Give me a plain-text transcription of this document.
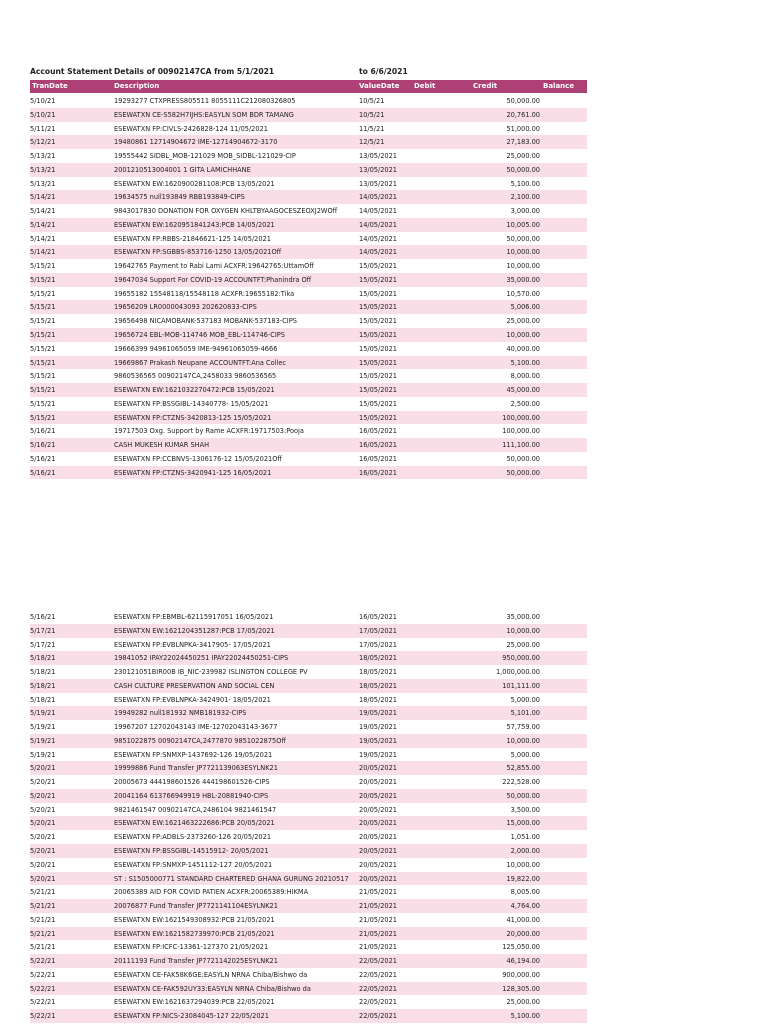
Account Statement Details of 00902147CA from 5/1/2021	to 6/6/2021
TranDate	Description	ValueDate Debit	Credit	Balance
5/10/21	19293277 CTXPRESS805511 8055111C212080326805	10/5/21	50,000.00
5/10/21	ESEWATXN CE-S582H7IJHS:EASYLN SOM BDR TAMANG	10/5/21	20,761.00
5/11/21	ESEWATXN FP:CIVLS-2426828-124 11/05/2021	11/5/21	51,000.00
5/12/21	19480861 12714904672 IME-12714904672-3170	12/5/21	27,183.00
5/13/21	19555442 SIDBL_MOB-121029 MOB_SIDBL-121029-CIP	13/05/2021	25,000.00
5/13/21	2001210513004001 1 GITA LAMICHHANE	13/05/2021	50,000.00
5/13/21	ESEWATXN EW:1620900281108:PCB 13/05/2021	13/05/2021	5,100.00
5/14/21	19634575 null193849 RBB193849-CIPS	14/05/2021	2,100.00
5/14/21	9843017830 DONATION FOR OXYGEN KHLTBYAAGOCESZEOXJ2WOff	14/05/2021	3,000.00
5/14/21	ESEWATXN EW:1620951841243:PCB 14/05/2021	14/05/2021	10,005.00
5/14/21	ESEWATXN FP:RBBS-21846621-125 14/05/2021	14/05/2021	50,000.00
5/14/21	ESEWATXN FP:SGBBS-853716-1250 13/05/2021Off	14/05/2021	10,000.00
5/15/21	19642765 Payment to Rabi Lami ACXFR:19642765:UttamOff	15/05/2021	10,000.00
5/15/21	19647034 Support For COVID-19 ACCOUNTFT:Phanindra Off	15/05/2021	35,000.00
5/15/21	19655182 15548118/15548118 ACXFR:19655182:Tika	15/05/2021	10,570.00
5/15/21	19656209 LR0000043093 202620833-CIPS	15/05/2021	5,006.00
5/15/21	19656498 NICAMOBANK-537183 MOBANK-537183-CIPS	15/05/2021	25,000.00
5/15/21	19656724 EBL-MOB-114746 MOB_EBL-114746-CIPS	15/05/2021	10,000.00
5/15/21	19666399 94961065059 IME-94961065059-4666	15/05/2021	40,000.00
5/15/21	19669867 Prakash Neupane ACCOUNTFT:Ana Collec	15/05/2021	5,100.00
5/15/21	9860536565 00902147CA,2458033 9860536565	15/05/2021	8,000.00
5/15/21	ESEWATXN EW:1621032270472:PCB 15/05/2021	15/05/2021	45,000.00
5/15/21	ESEWATXN FP:BSSGIBL-14340778- 15/05/2021	15/05/2021	2,500.00
5/15/21	ESEWATXN FP:CTZNS-3420813-125 15/05/2021	15/05/2021	100,000.00
5/16/21	19717503 Oxg. Support by Rame ACXFR:19717503:Pooja	16/05/2021	100,000.00
5/16/21	CASH MUKESH KUMAR SHAH	16/05/2021	111,100.00
5/16/21	ESEWATXN FP:CCBNVS-1306176-12 15/05/2021Off	16/05/2021	50,000.00
5/16/21	ESEWATXN FP:CTZNS-3420941-125 16/05/2021	16/05/2021	50,000.00
5/16/21	ESEWATXN FP:EBMBL-62115917051 16/05/2021	16/05/2021	35,000.00
5/17/21	ESEWATXN EW:1621204351287:PCB 17/05/2021	17/05/2021	10,000.00
5/17/21	ESEWATXN FP:EVBLNPKA-3417905- 17/05/2021	17/05/2021	25,000.00
5/18/21	19841052 IPAY22024450251 IPAY22024450251-CIPS	18/05/2021	950,000.00
5/18/21	230121051BIR00B IB_NIC-239982 ISLINGTON COLLEGE PV	18/05/2021	1,000,000.00
5/18/21	CASH CULTURE PRESERVATION AND SOCIAL CEN	18/05/2021	101,111.00
5/18/21	ESEWATXN FP:EVBLNPKA-3424901- 18/05/2021	18/05/2021	5,000.00
5/19/21	19949282 null181932 NMB181932-CIPS	19/05/2021	5,101.00
5/19/21	19967207 12702043143 IME-12702043143-3677	19/05/2021	57,759.00
5/19/21	9851022875 00902147CA,2477870 9851022875Off	19/05/2021	10,000.00
5/19/21	ESEWATXN FP:SNMXP-1437692-126 19/05/2021	19/05/2021	5,000.00
5/20/21	19999886 Fund Transfer JP7721139063ESYLNK21	20/05/2021	52,855.00
5/20/21	20005673 444198601526 444198601526-CIPS	20/05/2021	222,528.00
5/20/21	20041164 613766949919 HBL-20881940-CIPS	20/05/2021	50,000.00
5/20/21	9821461547 00902147CA,2486104 9821461547	20/05/2021	3,500.00
5/20/21	ESEWATXN EW:1621463222686:PCB 20/05/2021	20/05/2021	15,000.00
5/20/21	ESEWATXN FP:ADBLS-2373260-126 20/05/2021	20/05/2021	1,051.00
5/20/21	ESEWATXN FP:BSSGIBL-14515912- 20/05/2021	20/05/2021	2,000.00
5/20/21	ESEWATXN FP:SNMXP-1451112-127 20/05/2021	20/05/2021	10,000.00
5/20/21	ST : S1505000771 STANDARD CHARTERED GHANA GURUNG 20210517 20/05/2021	19,822.00
5/21/21	20065389 AID FOR COVID PATIEN ACXFR:20065389:HIKMA	21/05/2021	8,005.00
5/21/21	20076877 Fund Transfer JP7721141104ESYLNK21	21/05/2021	4,764.00
5/21/21	ESEWATXN EW:1621549308932:PCB 21/05/2021	21/05/2021	41,000.00
5/21/21	ESEWATXN EW:1621582739970:PCB 21/05/2021	21/05/2021	20,000.00
5/21/21	ESEWATXN FP:ICFC-13361-127370 21/05/2021	21/05/2021	125,050.00
5/22/21	20111193 Fund Transfer JP7721142025ESYLNK21	22/05/2021	46,194.00
5/22/21	ESEWATXN CE-FAK58K6GE:EASYLN NRNA Chiba/Bishwo da	22/05/2021	900,000.00
5/22/21	ESEWATXN CE-FAK592UY33:EASYLN NRNA Chiba/Bishwo da	22/05/2021	128,305.00
5/22/21	ESEWATXN EW:1621637294039:PCB 22/05/2021	22/05/2021	25,000.00
5/22/21	ESEWATXN FP:NICS-23084045-127 22/05/2021	22/05/2021	5,100.00
